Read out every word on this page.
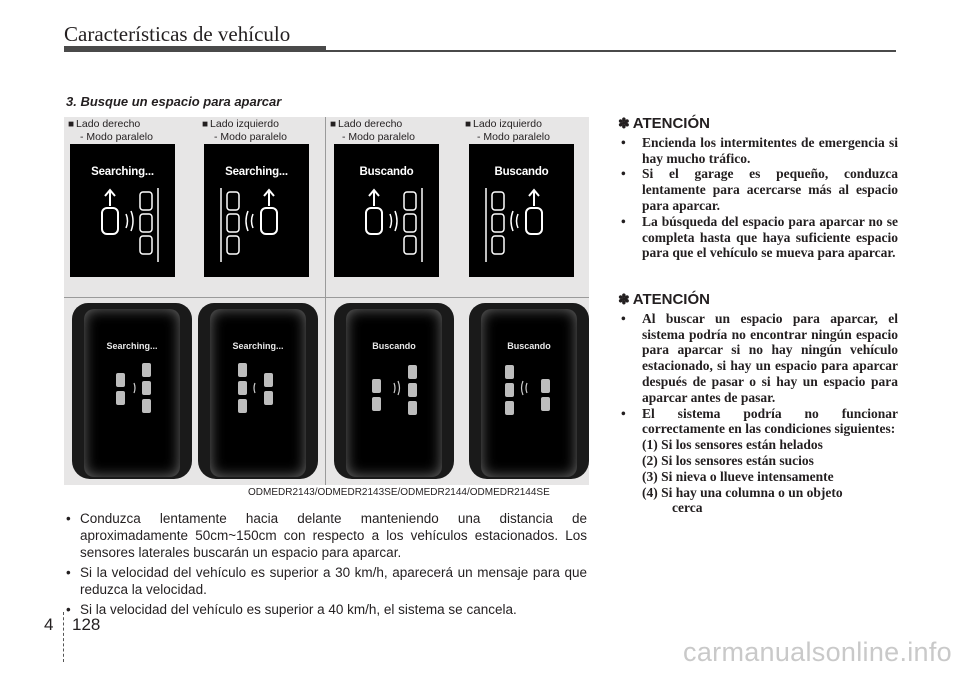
Características de vehículo
3. Busque un espacio para aparcar
■ Lado derecho
- Modo paralelo
■ Lado izquierdo
- Modo paralelo
■ Lado derecho
- Modo paralelo
■ Lado izquierdo
- Modo paralelo
Searching...	Searching...	Buscando	Buscando
Searching...	Searching...	Buscando	Buscando
ODMEDR2143/ODMEDR2143SE/ODMEDR2144/ODMEDR2144SE
• Conduzca lentamente hacia delante manteniendo una distancia de aproximadamente 50cm~150cm con respecto a los vehículos estacionados. Los sensores laterales buscarán un espacio para aparcar.
• Si la velocidad del vehículo es superior a 30 km/h, aparecerá un mensaje para que reduzca la velocidad.
• Si la velocidad del vehículo es superior a 40 km/h, el sistema se cancela.
✽ ATENCIÓN
• Encienda los intermitentes de emergencia si hay mucho tráfico.
• Si el garage es pequeño, conduzca lentamente para acercarse más al espacio para aparcar.
• La búsqueda del espacio para aparcar no se completa hasta que haya suficiente espacio para que el vehículo se mueva para aparcar.
✽ ATENCIÓN
• Al buscar un espacio para aparcar, el sistema podría no encontrar ningún espacio para aparcar si no hay ningún vehículo estacionado, si hay un espacio para aparcar después de pasar o si hay un espacio para aparcar antes de pasar.
• El sistema podría no funcionar correctamente en las condiciones siguientes:
(1) Si los sensores están helados
(2) Si los sensores están sucios
(3) Si nieva o llueve intensamente
(4) Si hay una columna o un objeto
cerca
4 128
carmanualsonline.info
